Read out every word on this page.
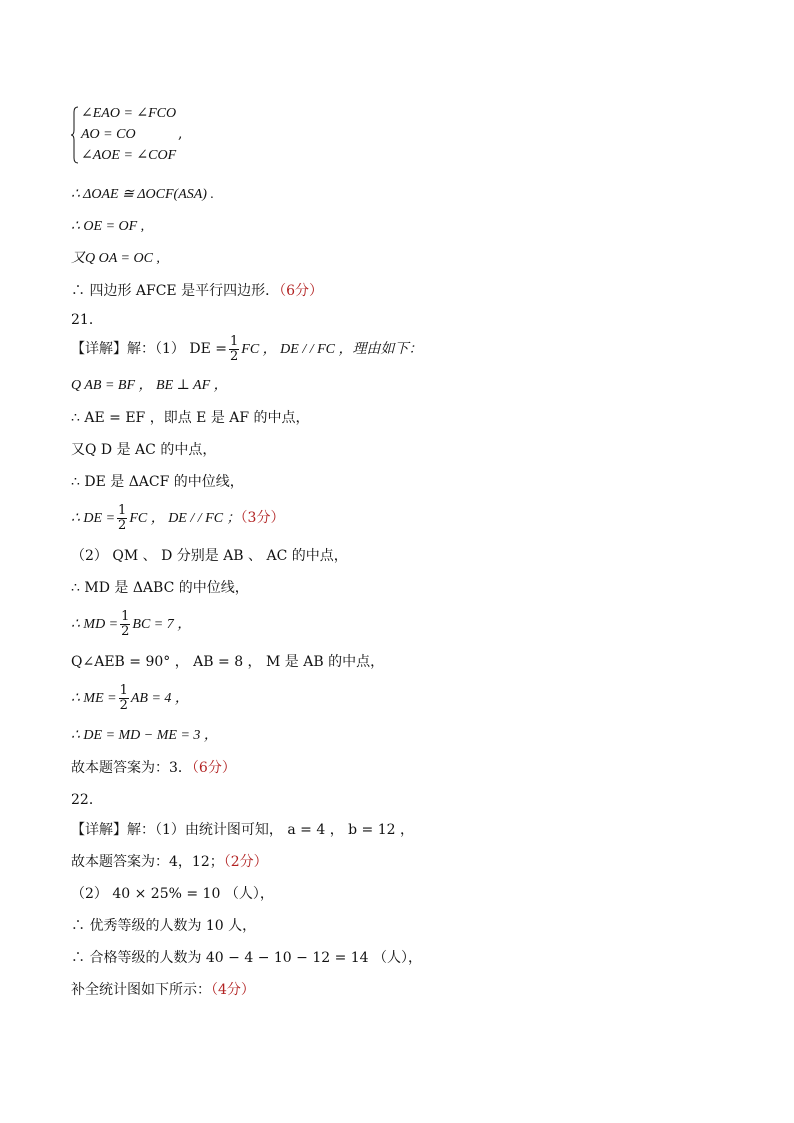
∠EAO = ∠FCO
AO = CO
∠AOE = ∠COF
,
∴ ΔOAE ≅ ΔOCF(ASA) .
∴ OE = OF ,
又Q OA = OC ,
∴ 四边形 AFCE 是平行四边形．（6分）
21．
【详解】解：（1） DE = $\frac{1}{2}$ FC ， DE / / FC ，理由如下：
Q AB = BF ， BE ⊥ AF ，
∴ AE = EF ，即点 E 是 AF 的中点，
又Q D 是 AC 的中点，
∴ DE 是 ΔACF 的中位线，
∴ DE = $\frac{1}{2}$ FC ， DE / / FC ；（3分）
（2） QM 、 D 分别是 AB 、 AC 的中点，
∴ MD 是 ΔABC 的中位线，
∴ MD = $\frac{1}{2}$ BC = 7 ，
Q∠AEB = 90° ， AB = 8 ， M 是 AB 的中点，
∴ ME = $\frac{1}{2}$ AB = 4 ，
∴ DE = MD − ME = 3 ，
故本题答案为：3．（6分）
22．
【详解】解：（1）由统计图可知， a = 4 ， b = 12 ，
故本题答案为：4，12；（2分）
（2） 40 × 25% = 10 （人），
∴ 优秀等级的人数为 10 人，
∴ 合格等级的人数为 40 − 4 − 10 − 12 = 14 （人），
补全统计图如下所示：（4分）
